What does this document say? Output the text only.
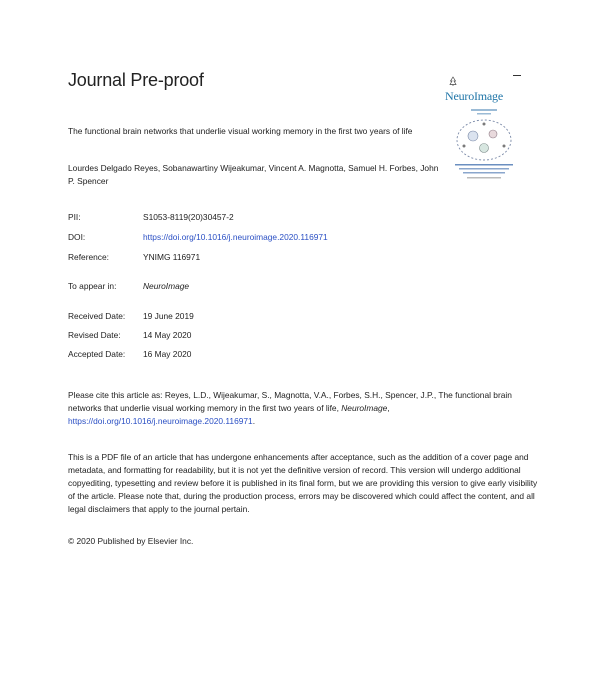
Journal Pre-proof
NeuroImage
The functional brain networks that underlie visual working memory in the first two years of life
Lourdes Delgado Reyes, Sobanawartiny Wijeakumar, Vincent A. Magnotta, Samuel H. Forbes, John P. Spencer
PII:	S1053-8119(20)30457-2
DOI:	https://doi.org/10.1016/j.neuroimage.2020.116971
Reference:	YNIMG 116971
To appear in:	NeuroImage
Received Date: 19 June 2019
Revised Date:	14 May 2020
Accepted Date: 16 May 2020
Please cite this article as: Reyes, L.D., Wijeakumar, S., Magnotta, V.A., Forbes, S.H., Spencer, J.P., The functional brain networks that underlie visual working memory in the first two years of life, NeuroImage, https://doi.org/10.1016/j.neuroimage.2020.116971.
This is a PDF file of an article that has undergone enhancements after acceptance, such as the addition of a cover page and metadata, and formatting for readability, but it is not yet the definitive version of record. This version will undergo additional copyediting, typesetting and review before it is published in its final form, but we are providing this version to give early visibility of the article. Please note that, during the production process, errors may be discovered which could affect the content, and all legal disclaimers that apply to the journal pertain.
© 2020 Published by Elsevier Inc.
